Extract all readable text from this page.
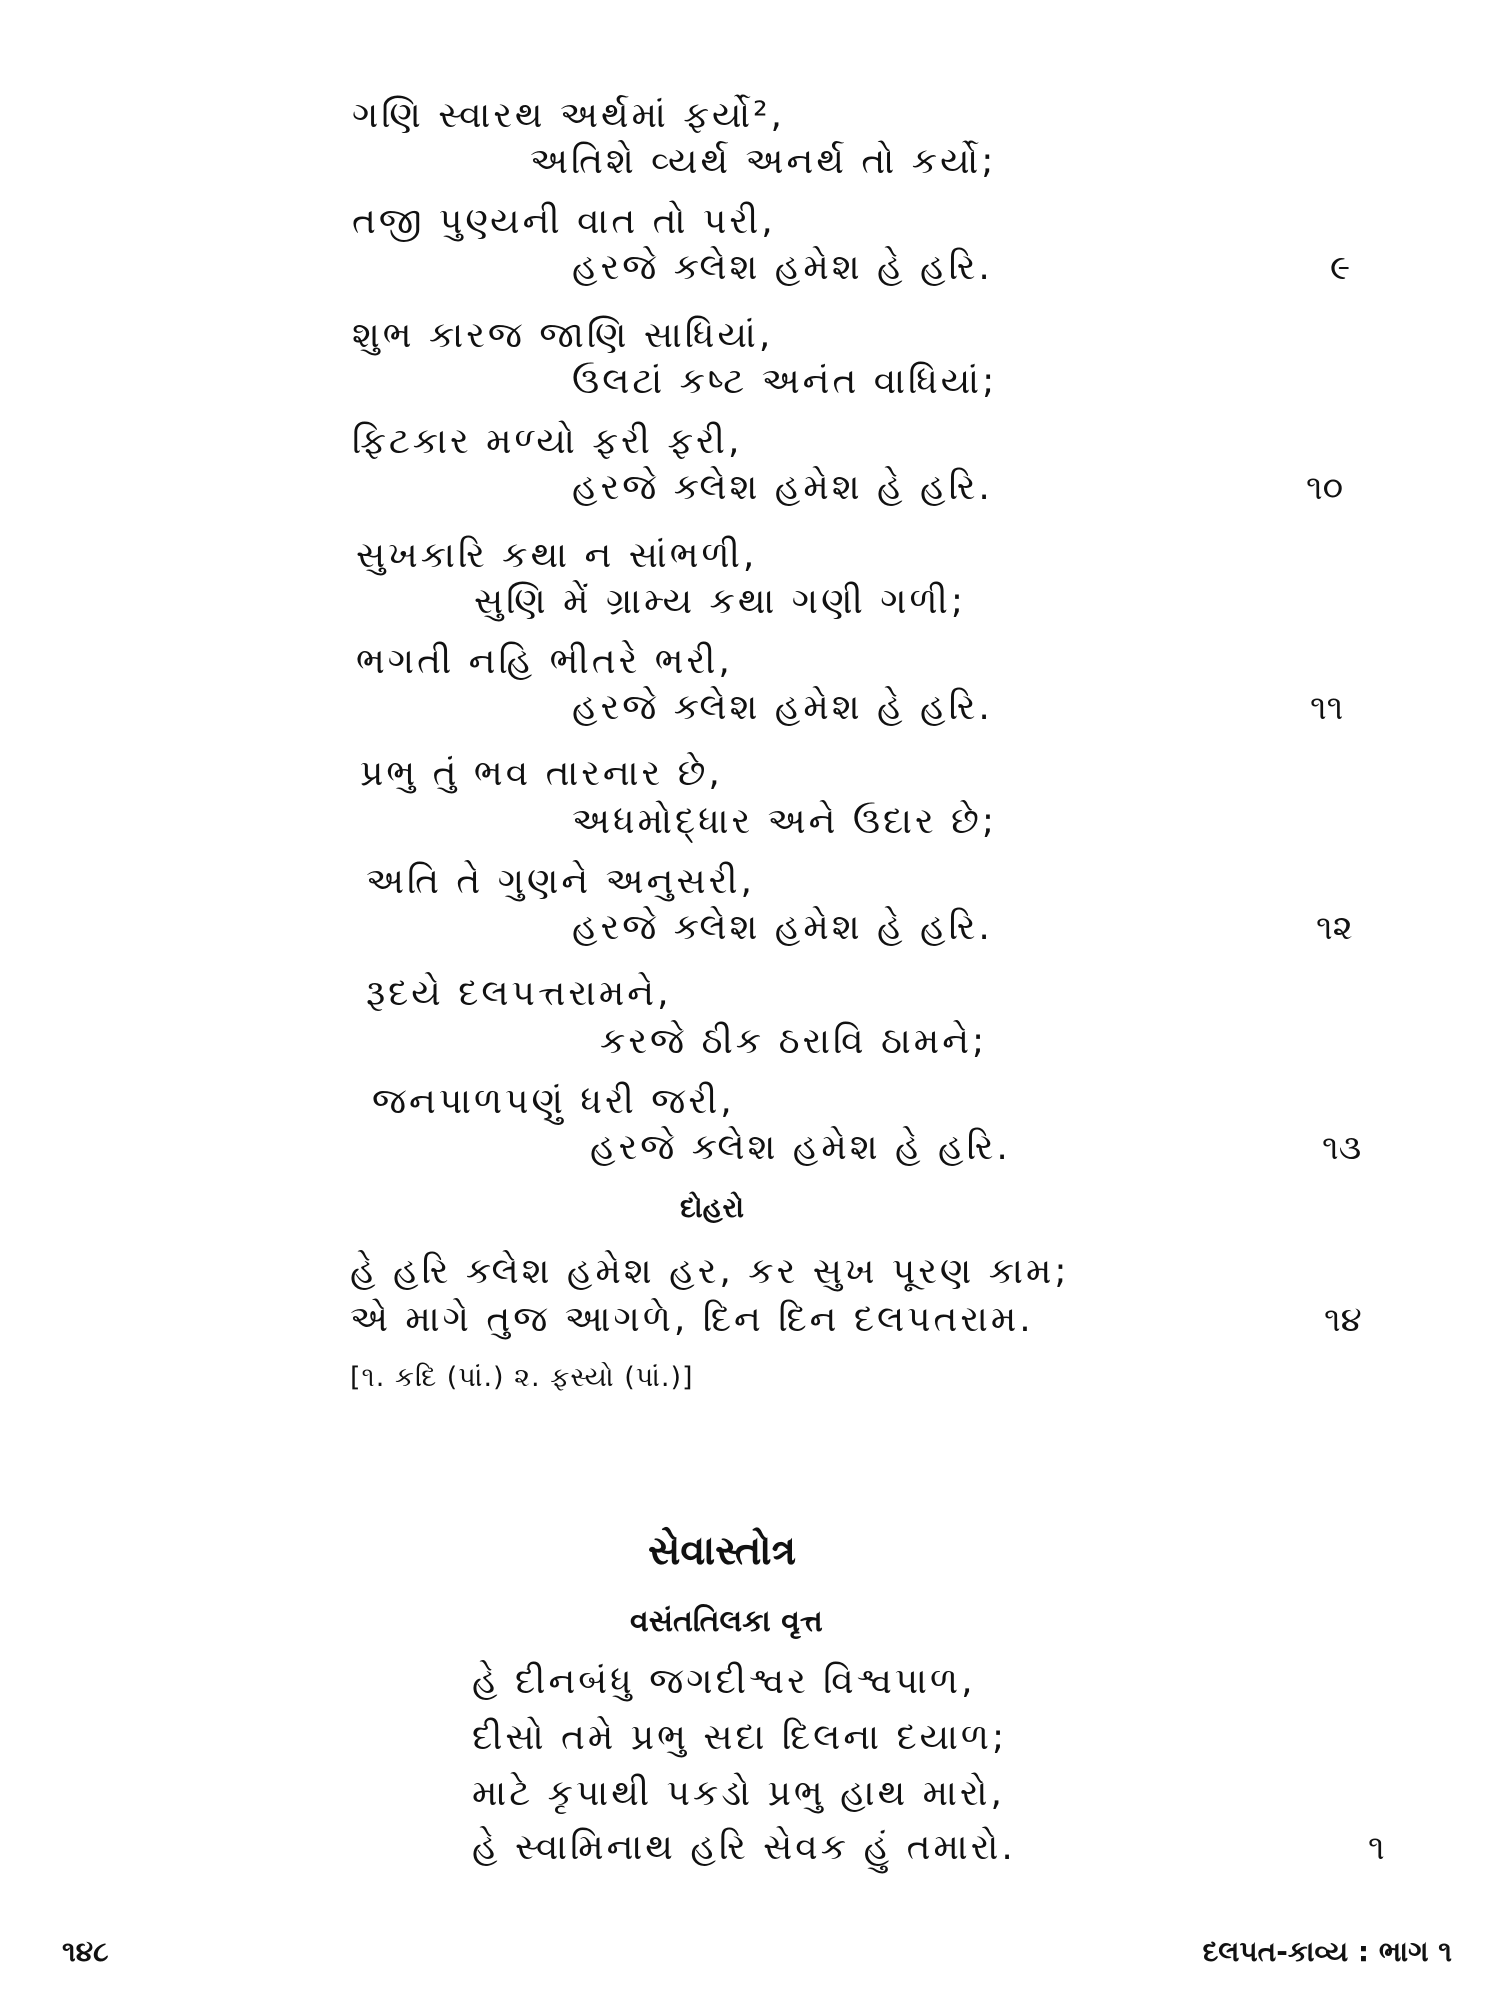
ગણિ સ્વારથ અર્થમાં ફર્યો²,
અતિશે વ્યર્થ અનર્થ તો કર્યો;
તજી પુણ્યની વાત તો પરી,
હરજે ક્લેશ હમેશ હે હરિ.	૯
શુભ કારજ જાણિ સાધિયાં,
ઉલટાં કષ્ટ અનંત વાધિયાં;
ફિટકાર મળ્યો ફરી ફરી,
હરજે ક્લેશ હમેશ હે હરિ.	૧૦
સુખકારિ કથા ન સાંભળી,
સુણિ મેં ગ્રામ્ય કથા ગણી ગળી;
ભગતી નહિ ભીતરે ભરી,
હરજે ક્લેશ હમેશ હે હરિ.	૧૧
પ્રભુ તું ભવ તારનાર છે,
અધમોદ્ધાર અને ઉદાર છે;
અતિ તે ગુણને અનુસરી,
હરજે ક્લેશ હમેશ હે હરિ.	૧૨
રૂદયે દલપત્તરામને,
કરજે ઠીક ઠરાવિ ઠામને;
જનપાળપણું ધરી જરી,
હરજે ક્લેશ હમેશ હે હરિ.	૧૩
દોહરો
હે હરિ ક્લેશ હમેશ હર, કર સુખ પૂરણ કામ;
એ માગે તુજ આગળે, દિન દિન દલપતરામ.	૧૪
[૧. કદિ (પાં.) ૨. ફસ્યો (પાં.)]
સેવાસ્તોત્ર
વસંતતિલકા વૃત્ત
હે દીનબંધુ જગદીશ્વર વિશ્વપાળ,
દીસો તમે પ્રભુ સદા દિલના દયાળ;
માટે કૃપાથી પકડો પ્રભુ હાથ મારો,
હે સ્વામિનાથ હરિ સેવક હું તમારો.	૧
૧૪૮	દલપત-કાવ્ય : ભાગ ૧
